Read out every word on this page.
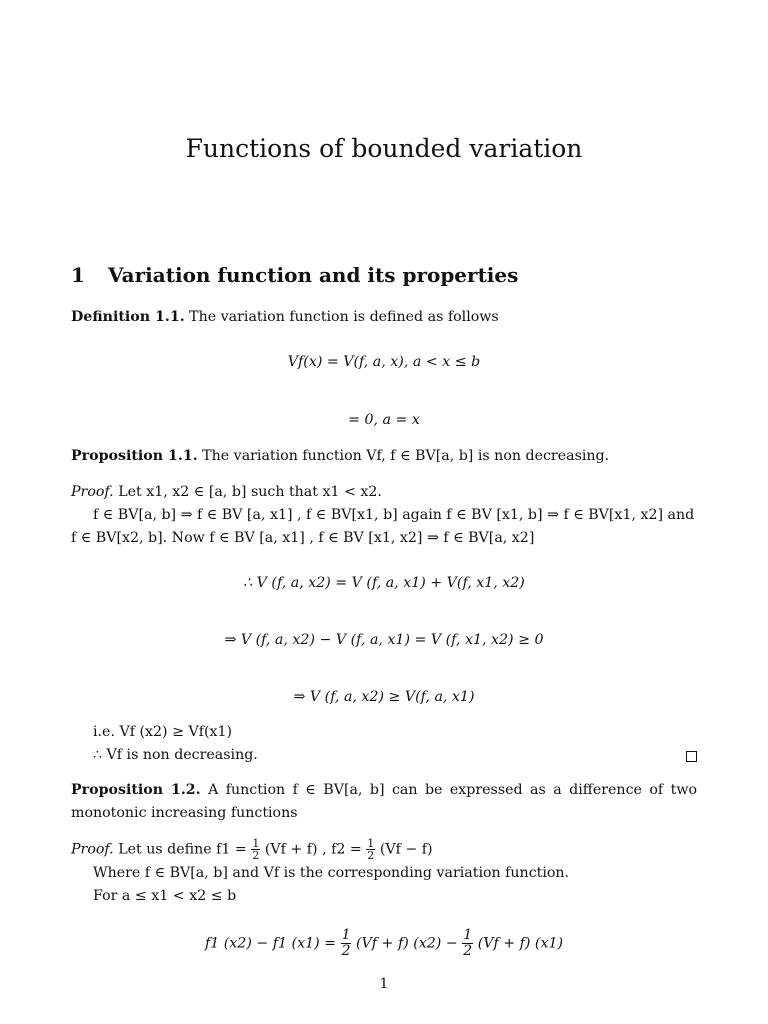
Functions of bounded variation
1 Variation function and its properties
Definition 1.1. The variation function is defined as follows
Vf(x) = V(f, a, x), a < x ≤ b
= 0, a = x
Proposition 1.1. The variation function Vf, f ∈ BV[a, b] is non decreasing.
Proof. Let x1, x2 ∈ [a, b] such that x1 < x2.
f ∈ BV[a, b] ⇒ f ∈ BV [a, x1] , f ∈ BV[x1, b] again f ∈ BV [x1, b] ⇒ f ∈ BV[x1, x2] and
f ∈ BV[x2, b]. Now f ∈ BV [a, x1] , f ∈ BV [x1, x2] ⇒ f ∈ BV[a, x2]
∴ V (f, a, x2) = V (f, a, x1) + V(f, x1, x2)
⇒ V (f, a, x2) − V (f, a, x1) = V (f, x1, x2) ≥ 0
⇒ V (f, a, x2) ≥ V(f, a, x1)
i.e. Vf (x2) ≥ Vf(x1)
∴ Vf is non decreasing.
Proposition 1.2. A function f ∈ BV[a, b] can be expressed as a difference of two monotonic increasing functions
Proof. Let us define $f1 = \frac{1}{2} (Vf + f)$ , $f2 = \frac{1}{2} (Vf - f)$
Where f ∈ BV[a, b] and Vf is the corresponding variation function.
For a ≤ x1 < x2 ≤ b
f1 (x2) − f1 $(x1) = \frac{1}{2} (Vf + f) (x2) - \frac{1}{2} (Vf + f)$ (x1)
1
